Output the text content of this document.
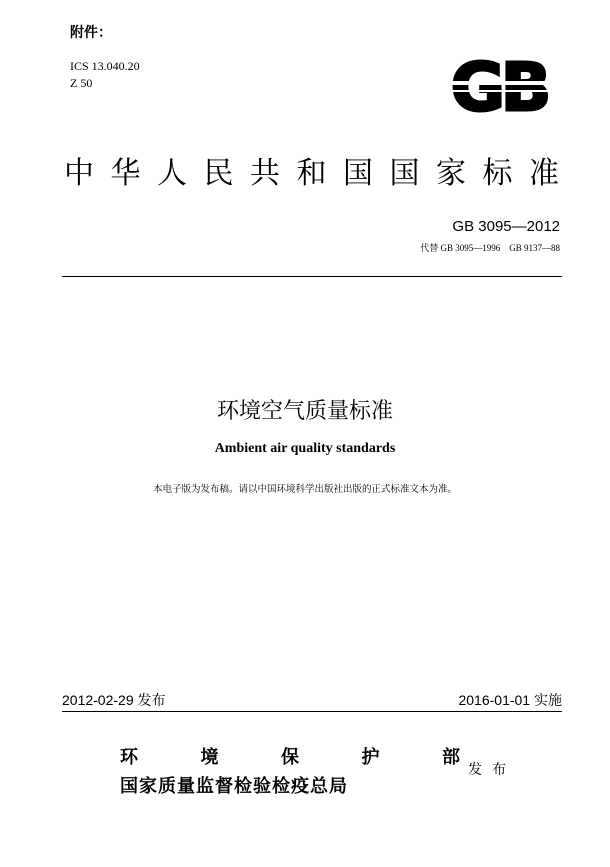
附件：
ICS 13.040.20
Z 50	GB
中华人民共和国国家标准
GB 3095—2012
代替 GB 3095—1996　GB 9137—88
环境空气质量标准
Ambient air quality standards
本电子版为发布稿。请以中国环境科学出版社出版的正式标准文本为准。
2012-02-29 发布	2016-01-01 实施
环	境	保	护	部
国家质量监督检验检疫总局
发布
